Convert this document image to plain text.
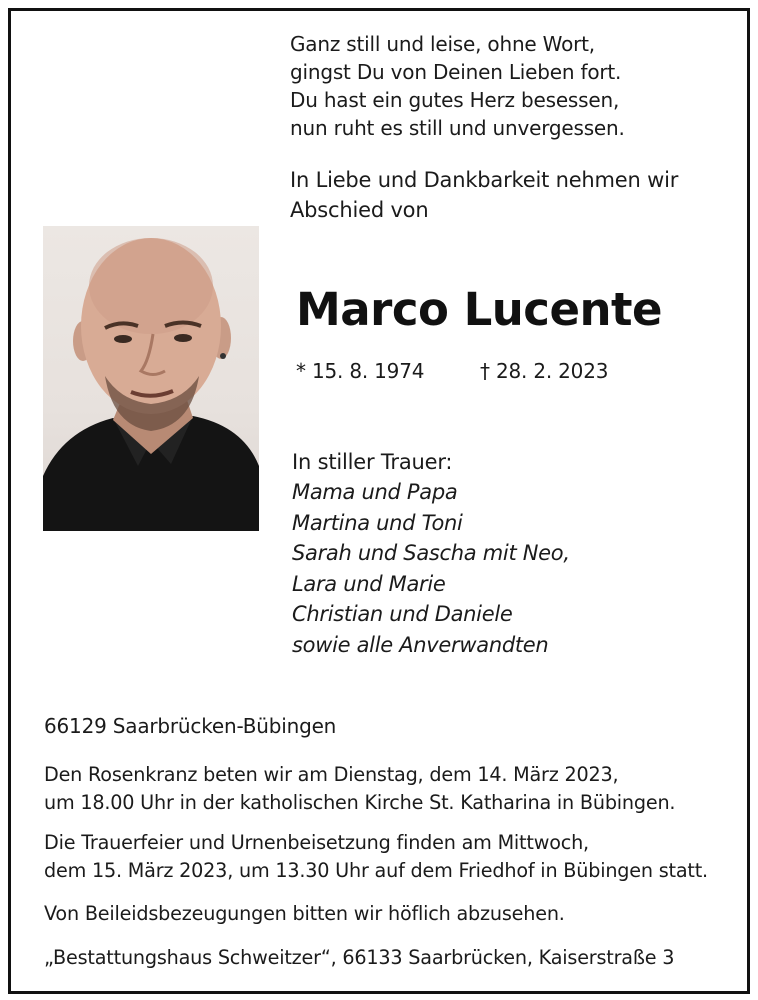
Ganz still und leise, ohne Wort,
gingst Du von Deinen Lieben fort.
Du hast ein gutes Herz besessen,
nun ruht es still und unvergessen.
In Liebe und Dankbarkeit nehmen wir
Abschied von
Marco Lucente
* 15. 8. 1974	† 28. 2. 2023
In stiller Trauer:
Mama und Papa
Martina und Toni
Sarah und Sascha mit Neo,
Lara und Marie
Christian und Daniele
sowie alle Anverwandten
66129 Saarbrücken-Bübingen
Den Rosenkranz beten wir am Dienstag, dem 14. März 2023,
um 18.00 Uhr in der katholischen Kirche St. Katharina in Bübingen.
Die Trauerfeier und Urnenbeisetzung finden am Mittwoch,
dem 15. März 2023, um 13.30 Uhr auf dem Friedhof in Bübingen statt.
Von Beileidsbezeugungen bitten wir höflich abzusehen.
„Bestattungshaus Schweitzer“, 66133 Saarbrücken, Kaiserstraße 3
